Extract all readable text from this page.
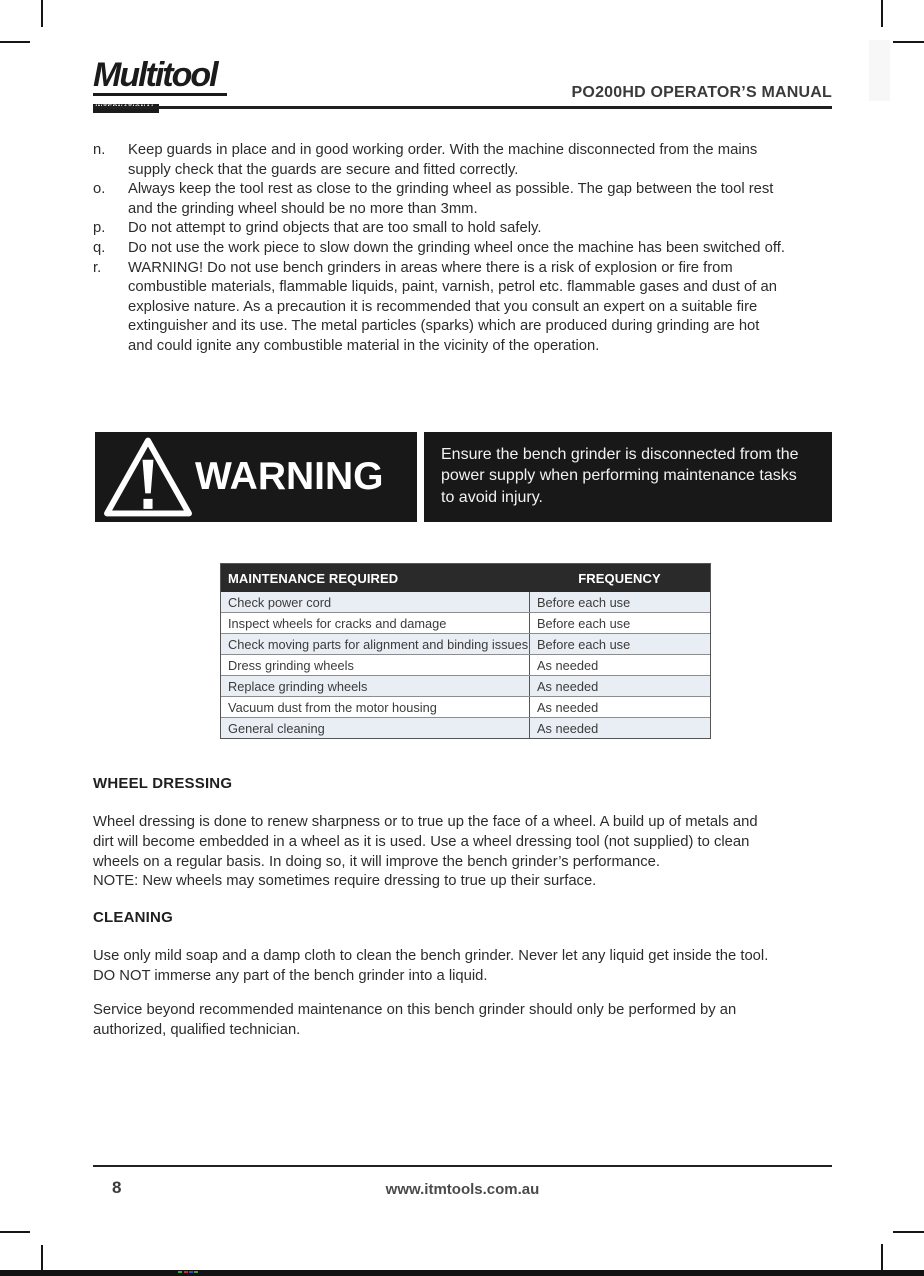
Multitool	PO200HD OPERATOR’S MANUAL
n.	Keep guards in place and in good working order. With the machine disconnected from the mains
supply check that the guards are secure and fitted correctly.
o.	Always keep the tool rest as close to the grinding wheel as possible. The gap between the tool rest
and the grinding wheel should be no more than 3mm.
p.	Do not attempt to grind objects that are too small to hold safely.
q.	Do not use the work piece to slow down the grinding wheel once the machine has been switched off.
r.	WARNING! Do not use bench grinders in areas where there is a risk of explosion or fire from
combustible materials, flammable liquids, paint, varnish, petrol etc. flammable gases and dust of an
explosive nature. As a precaution it is recommended that you consult an expert on a suitable fire
extinguisher and its use. The metal particles (sparks) which are produced during grinding are hot
and could ignite any combustible material in the vicinity of the operation.
WARNING
Ensure the bench grinder is disconnected from the
power supply when performing maintenance tasks
to avoid injury.
MAINTENANCE REQUIRED	FREQUENCY
Check power cord	Before each use
Inspect wheels for cracks and damage	Before each use
Check moving parts for alignment and binding issues Before each use
Dress grinding wheels	As needed
Replace grinding wheels	As needed
Vacuum dust from the motor housing	As needed
General cleaning	As needed
WHEEL DRESSING
Wheel dressing is done to renew sharpness or to true up the face of a wheel. A build up of metals and
dirt will become embedded in a wheel as it is used. Use a wheel dressing tool (not supplied) to clean
wheels on a regular basis. In doing so, it will improve the bench grinder’s performance.
NOTE: New wheels may sometimes require dressing to true up their surface.
CLEANING
Use only mild soap and a damp cloth to clean the bench grinder. Never let any liquid get inside the tool.
DO NOT immerse any part of the bench grinder into a liquid.
Service beyond recommended maintenance on this bench grinder should only be performed by an
authorized, qualified technician.
8	www.itmtools.com.au
